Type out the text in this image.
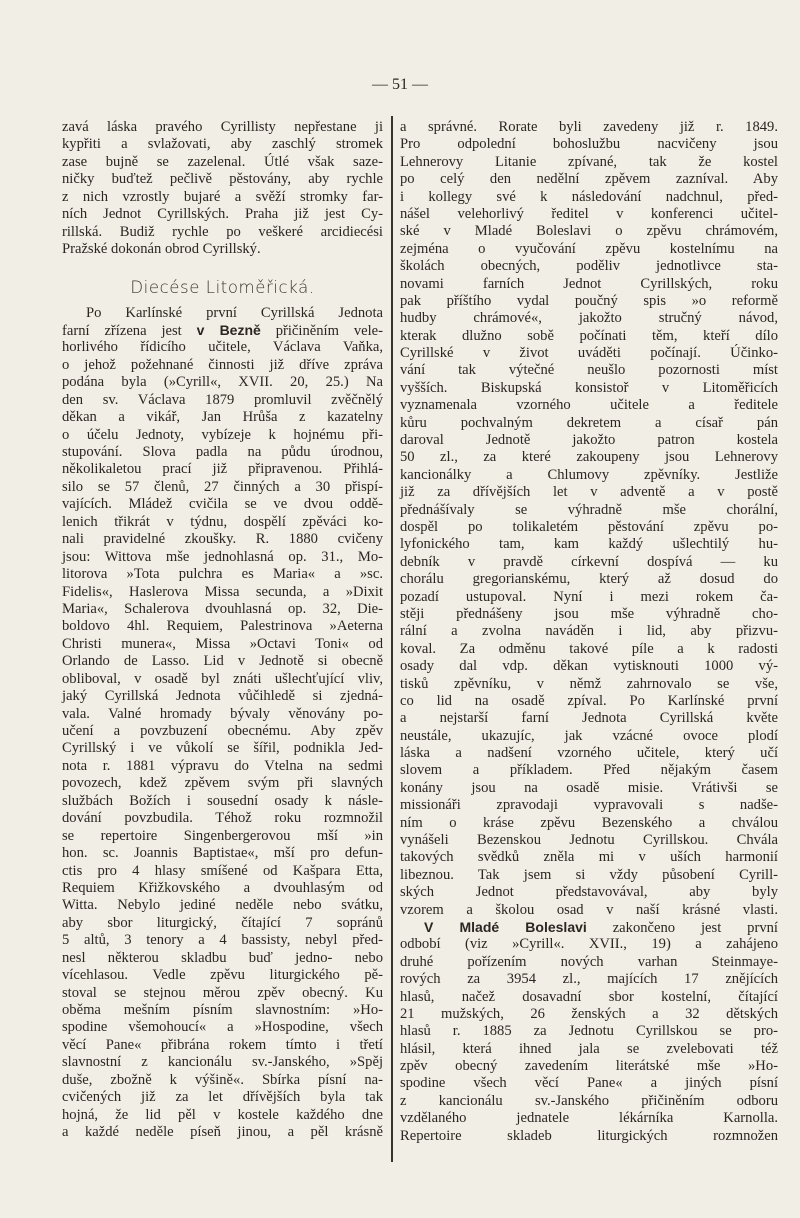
— 51 —
zavá láska pravého Cyrillisty nepřestane ji
kypřiti a svlažovati, aby zaschlý stromek
zase bujně se zazelenal. Útlé však saze-
ničky buďtež pečlivě pěstovány, aby rychle
z nich vzrostly bujaré a svěží stromky far-
ních Jednot Cyrillských. Praha již jest Cy-
rillská. Budiž rychle po veškeré arcidiecési
Pražské dokonán obrod Cyrillský.
Diecése Litoměřická.
Po Karlínské první Cyrillská Jednota
farní zřízena jest v Bezně přičiněním vele-
horlivého řídicího učitele, Václava Vaňka,
o jehož požehnané činnosti již dříve zpráva
podána byla (»Cyrill«, XVII. 20, 25.) Na
den sv. Václava 1879 promluvil zvěčnělý
děkan a vikář, Jan Hrůša z kazatelny
o účelu Jednoty, vybízeje k hojnému při-
stupování. Slova padla na půdu úrodnou,
několikaletou prací již připravenou. Přihlá-
silo se 57 členů, 27 činných a 30 přispí-
vajících. Mládež cvičila se ve dvou oddě-
lenich třikrát v týdnu, dospělí zpěváci ko-
nali pravidelné zkoušky. R. 1880 cvičeny
jsou: Wittova mše jednohlasná op. 31., Mo-
litorova »Tota pulchra es Maria« a »sc.
Fidelis«, Haslerova Missa secunda, a »Dixit
Maria«, Schalerova dvouhlasná op. 32, Die-
boldovo 4hl. Requiem, Palestrinova »Aeterna
Christi munera«, Missa »Octavi Toni« od
Orlando de Lasso. Lid v Jednotě si obecně
obliboval, v osadě byl znáti ušlechťující vliv,
jaký Cyrillská Jednota vůčihledě si zjedná-
vala. Valné hromady bývaly věnovány po-
učení a povzbuzení obecnému. Aby zpěv
Cyrillský i ve vůkolí se šířil, podnikla Jed-
nota r. 1881 výpravu do Vtelna na sedmi
povozech, kdež zpěvem svým při slavných
službách Božích i sousední osady k násle-
dování povzbudila. Téhož roku rozmnožil
se repertoire Singenbergerovou mší »in
hon. sc. Joannis Baptistae«, mší pro defun-
ctis pro 4 hlasy smíšené od Kašpara Etta,
Requiem Křižkovského a dvouhlasým od
Witta. Nebylo jediné neděle nebo svátku,
aby sbor liturgický, čítající 7 sopránů
5 altů, 3 tenory a 4 bassisty, nebyl před-
nesl některou skladbu buď jedno- nebo
vícehlasou. Vedle zpěvu liturgického pě-
stoval se stejnou měrou zpěv obecný. Ku
oběma mešním písním slavnostním: »Ho-
spodine všemohoucí« a »Hospodine, všech
věcí Pane« přibrána rokem tímto i třetí
slavnostní z kancionálu sv.-Janského, »Spěj
duše, zbožně k výšině«. Sbírka písní na-
cvičených již za let dřívějších byla tak
hojná, že lid pěl v kostele každého dne
a každé neděle píseň jinou, a pěl krásně
a správné. Rorate byli zavedeny již r. 1849.
Pro odpolední bohoslužbu nacvičeny jsou
Lehnerovy Litanie zpívané, tak že kostel
po celý den nedělní zpěvem zazníval. Aby
i kollegy své k následování nadchnul, před-
nášel velehorlivý ředitel v konferenci učitel-
ské v Mladé Boleslavi o zpěvu chrámovém,
zejména o vyučování zpěvu kostelnímu na
školách obecných, poděliv jednotlivce sta-
novami farních Jednot Cyrillských, roku
pak příštího vydal poučný spis »o reformě
hudby chrámové«, jakožto stručný návod,
kterak dlužno sobě počínati těm, kteří dílo
Cyrillské v život uváděti počínají. Účinko-
vání tak výtečné neušlo pozornosti míst
vyšších. Biskupská konsistoř v Litoměřicích
vyznamenala vzorného učitele a ředitele
kůru pochvalným dekretem a císař pán
daroval Jednotě jakožto patron kostela
50 zl., za které zakoupeny jsou Lehnerovy
kancionálky a Chlumovy zpěvníky. Jestliže
již za dřívějších let v adventě a v postě
přednášívaly se výhradně mše chorální,
dospěl po tolikaletém pěstování zpěvu po-
lyfonického tam, kam každý ušlechtilý hu-
debník v pravdě církevní dospívá — ku
chorálu gregorianskému, který až dosud do
pozadí ustupoval. Nyní i mezi rokem ča-
stěji přednášeny jsou mše výhradně cho-
rální a zvolna naváděn i lid, aby přizvu-
koval. Za odměnu takové píle a k radosti
osady dal vdp. děkan vytisknouti 1000 vý-
tisků zpěvníku, v němž zahrnovalo se vše,
co lid na osadě zpíval. Po Karlínské první
a nejstarší farní Jednota Cyrillská květe
neustále, ukazujíc, jak vzácné ovoce plodí
láska a nadšení vzorného učitele, který učí
slovem a příkladem. Před nějakým časem
konány jsou na osadě misie. Vrátivši se
missionáři zpravodaji vypravovali s nadše-
ním o kráse zpěvu Bezenského a chválou
vynášeli Bezenskou Jednotu Cyrillskou. Chvála
takových svědků zněla mi v uších harmonií
libeznou. Tak jsem si vždy působení Cyrill-
ských Jednot představovával, aby byly
vzorem a školou osad v naší krásné vlasti.
V Mladé Boleslavi zakončeno jest první
odbobí (viz »Cyrill«. XVII., 19) a zahájeno
druhé pořízením nových varhan Steinmaye-
rových za 3954 zl., majících 17 znějících
hlasů, načež dosavadní sbor kostelní, čítající
21 mužských, 26 ženských a 32 dětských
hlasů r. 1885 za Jednotu Cyrillskou se pro-
hlásil, která ihned jala se zvelebovati též
zpěv obecný zavedením literátské mše »Ho-
spodine všech věcí Pane« a jiných písní
z kancionálu sv.-Janského přičiněním odboru
vzdělaného jednatele lékárníka Karnolla.
Repertoire skladeb liturgických rozmnožen
